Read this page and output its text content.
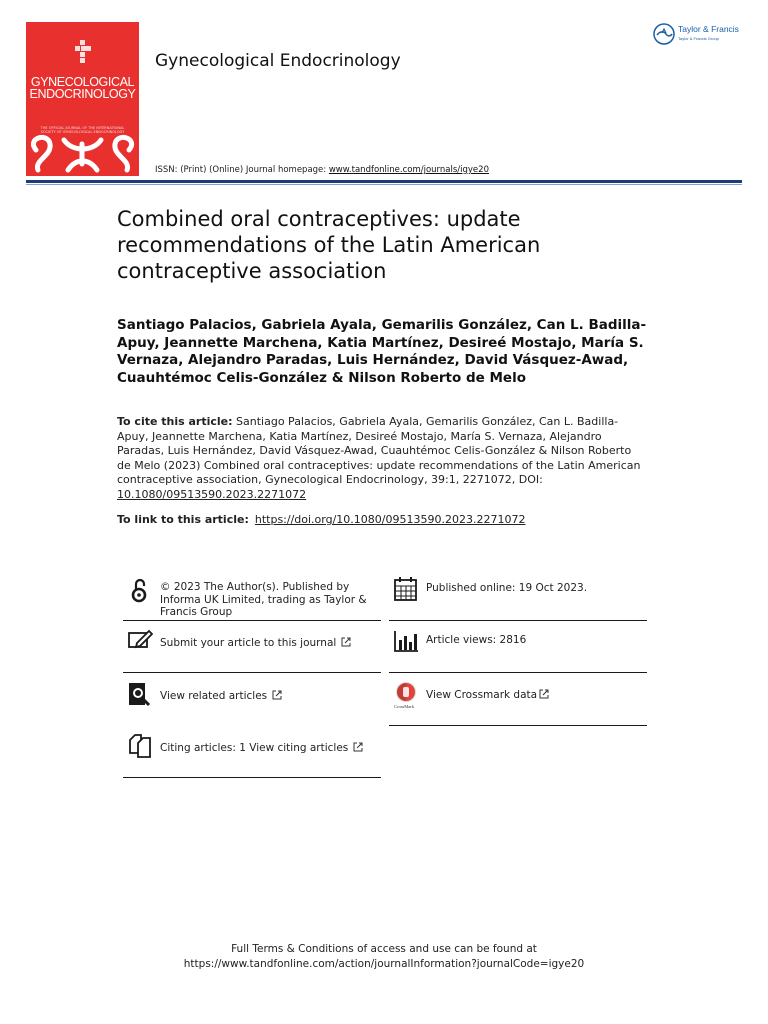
GYNECOLOGICAL
ENDOCRINOLOGY
THE OFFICIAL JOURNAL OF THE INTERNATIONAL SOCIETY OF GYNECOLOGICAL ENDOCRINOLOGY
Gynecological Endocrinology
ISSN: (Print) (Online) Journal homepage: www.tandfonline.com/journals/igye20
Taylor & Francis
Taylor & Francis Group
Combined oral contraceptives: update recommendations of the Latin American contraceptive association

Santiago Palacios, Gabriela Ayala, Gemarilis González, Can L. Badilla-Apuy, Jeannette Marchena, Katia Martínez, Desireé Mostajo, María S. Vernaza, Alejandro Paradas, Luis Hernández, David Vásquez-Awad, Cuauhtémoc Celis-González & Nilson Roberto de Melo

To cite this article: Santiago Palacios, Gabriela Ayala, Gemarilis González, Can L. Badilla-Apuy, Jeannette Marchena, Katia Martínez, Desireé Mostajo, María S. Vernaza, Alejandro Paradas, Luis Hernández, David Vásquez-Awad, Cuauhtémoc Celis-González & Nilson Roberto de Melo (2023) Combined oral contraceptives: update recommendations of the Latin American contraceptive association, Gynecological Endocrinology, 39:1, 2271072, DOI: 10.1080/09513590.2023.2271072
To link to this article: https://doi.org/10.1080/09513590.2023.2271072
© 2023 The Author(s). Published by Informa UK Limited, trading as Taylor & Francis Group
Submit your article to this journal
View related articles
Citing articles: 1 View citing articles
Published online: 19 Oct 2023.
Article views: 2816
CrossMark
View Crossmark data
Full Terms & Conditions of access and use can be found at
https://www.tandfonline.com/action/journalInformation?journalCode=igye20
